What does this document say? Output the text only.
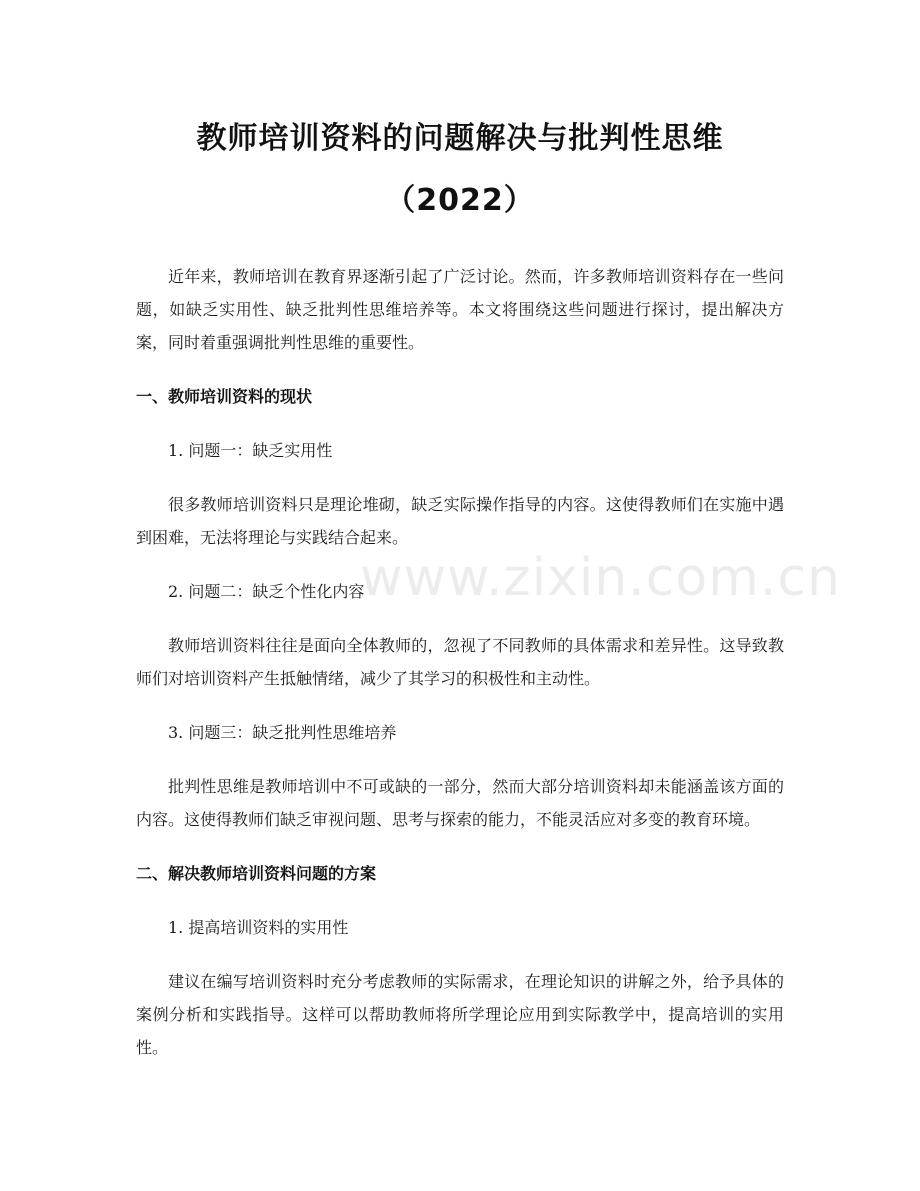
教师培训资料的问题解决与批判性思维（2022）

近年来，教师培训在教育界逐渐引起了广泛讨论。然而，许多教师培训资料存在一些问题，如缺乏实用性、缺乏批判性思维培养等。本文将围绕这些问题进行探讨，提出解决方案，同时着重强调批判性思维的重要性。

一、教师培训资料的现状
1. 问题一：缺乏实用性

很多教师培训资料只是理论堆砌，缺乏实际操作指导的内容。这使得教师们在实施中遇到困难，无法将理论与实践结合起来。

2. 问题二：缺乏个性化内容

教师培训资料往往是面向全体教师的，忽视了不同教师的具体需求和差异性。这导致教师们对培训资料产生抵触情绪，减少了其学习的积极性和主动性。

3. 问题三：缺乏批判性思维培养

批判性思维是教师培训中不可或缺的一部分，然而大部分培训资料却未能涵盖该方面的内容。这使得教师们缺乏审视问题、思考与探索的能力，不能灵活应对多变的教育环境。

二、解决教师培训资料问题的方案
1. 提高培训资料的实用性

建议在编写培训资料时充分考虑教师的实际需求，在理论知识的讲解之外，给予具体的案例分析和实践指导。这样可以帮助教师将所学理论应用到实际教学中，提高培训的实用性。

www.zixin.com.cn
